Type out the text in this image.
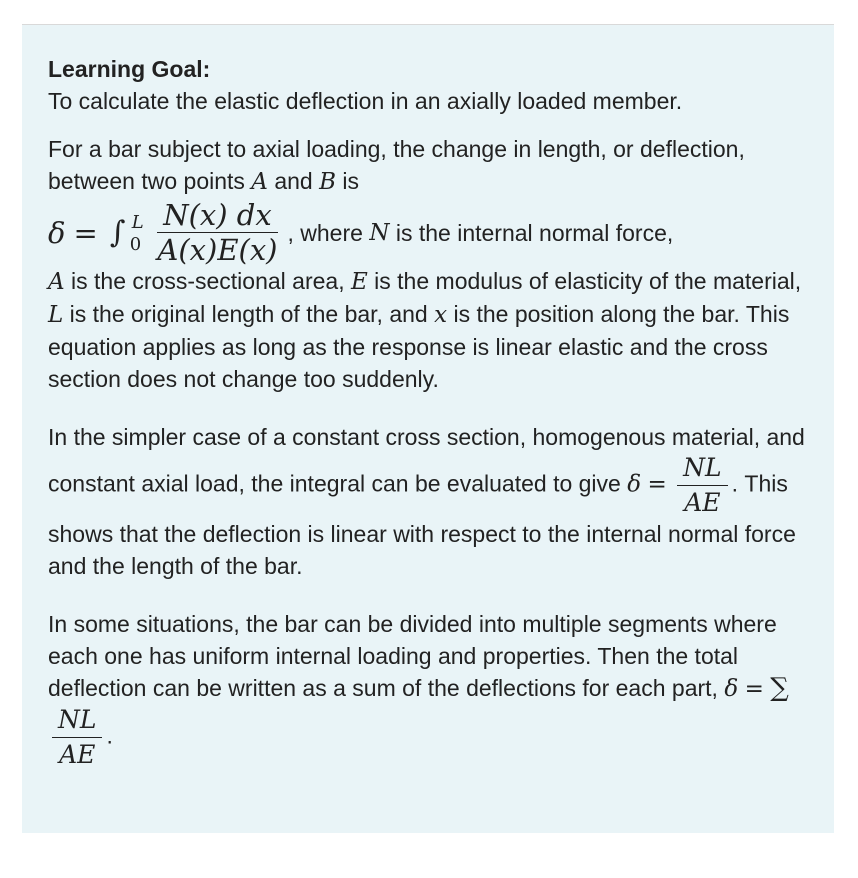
Learning Goal:

To calculate the elastic deflection in an axially loaded member.

For a bar subject to axial loading, the change in length, or deflection, between two points A and B is

δ = ∫ L
$0 \frac{N(x) dx}{A(x)E(x)}$ , where
N
is the internal normal force,

A is the cross-sectional area, E is the modulus of elasticity of the material, L is the original length of the bar, and x is the position along the bar. This equation applies as long as the response is linear elastic and the cross section does not change too suddenly.

In the simpler case of a constant cross section, homogenous material, and constant axial load, the integral can be evaluated to give $\delta = \frac{NL}{AE}$ . This shows that the deflection is linear with respect to the internal normal force and the length of the bar.

In some situations, the bar can be divided into multiple segments where each one has uniform internal loading and properties. Then the total deflection can be written as a sum of the deflections for each part, δ = ∑
$\frac{NL}{AE}$ .
